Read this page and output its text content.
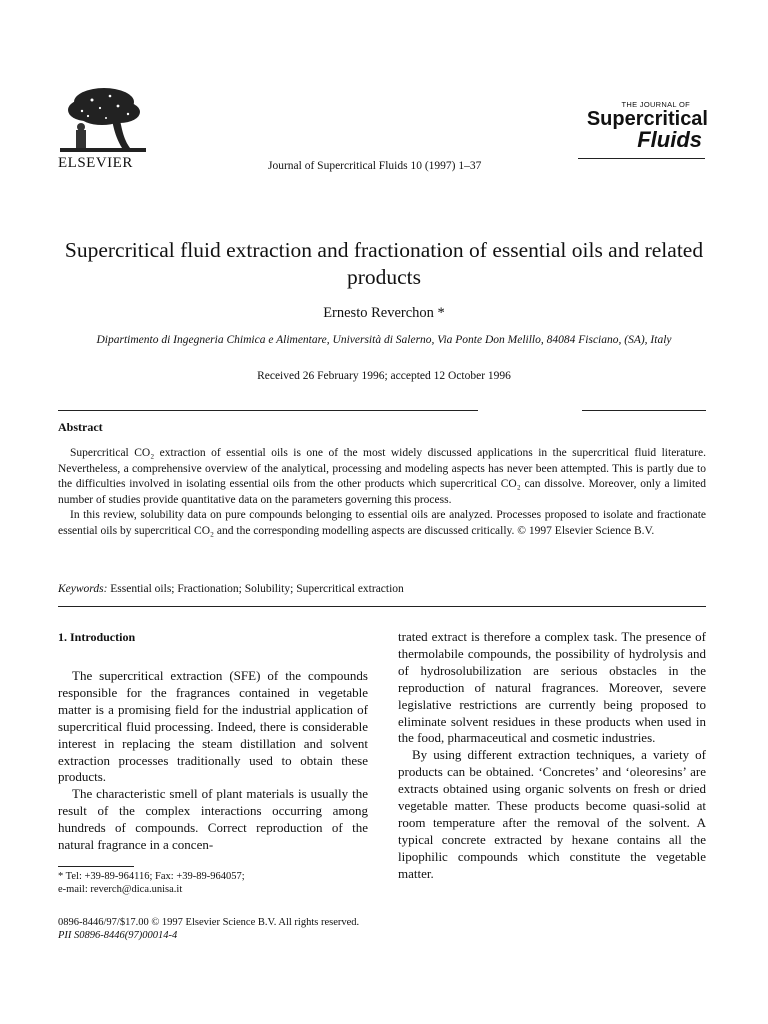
ELSEVIER	Journal of Supercritical Fluids 10 (1997) 1–37
THE JOURNAL OF
Supercritical
Fluids
Supercritical fluid extraction and fractionation of essential oils and related products
Ernesto Reverchon *
Dipartimento di Ingegneria Chimica e Alimentare, Università di Salerno, Via Ponte Don Melillo, 84084 Fisciano, (SA), Italy
Received 26 February 1996; accepted 12 October 1996
Abstract

Supercritical CO₂ extraction of essential oils is one of the most widely discussed applications in the supercritical fluid literature. Nevertheless, a comprehensive overview of the analytical, processing and modeling aspects has never been attempted. This is partly due to the difficulties involved in isolating essential oils from the other products which supercritical CO₂ can dissolve. Moreover, only a limited number of studies provide quantitative data on the parameters governing this process.

In this review, solubility data on pure compounds belonging to essential oils are analyzed. Processes proposed to isolate and fractionate essential oils by supercritical CO₂ and the corresponding modelling aspects are discussed critically. © 1997 Elsevier Science B.V.

Keywords: Essential oils; Fractionation; Solubility; Supercritical extraction
1. Introduction

The supercritical extraction (SFE) of the compounds responsible for the fragrances contained in vegetable matter is a promising field for the industrial application of supercritical fluid processing. Indeed, there is considerable interest in replacing the steam distillation and solvent extraction processes traditionally used to obtain these products.

The characteristic smell of plant materials is usually the result of the complex interactions occurring among hundreds of compounds. Correct reproduction of the natural fragrance in a concen-

trated extract is therefore a complex task. The presence of thermolabile compounds, the possibility of hydrolysis and of hydrosolubilization are serious obstacles in the reproduction of natural fragrances. Moreover, severe legislative restrictions are currently being proposed to eliminate solvent residues in these products when used in the food, pharmaceutical and cosmetic industries.

By using different extraction techniques, a variety of products can be obtained. ‘Concretes’ and ‘oleoresins’ are extracts obtained using organic solvents on fresh or dried vegetable matter. These products become quasi-solid at room temperature after the removal of the solvent. A typical concrete extracted by hexane contains all the lipophilic compounds which constitute the vegetable matter.

* Tel: +39-89-964116; Fax: +39-89-964057;
e-mail: reverch@dica.unisa.it
0896-8446/97/$17.00 © 1997 Elsevier Science B.V. All rights reserved.
PII S0896-8446(97)00014-4
